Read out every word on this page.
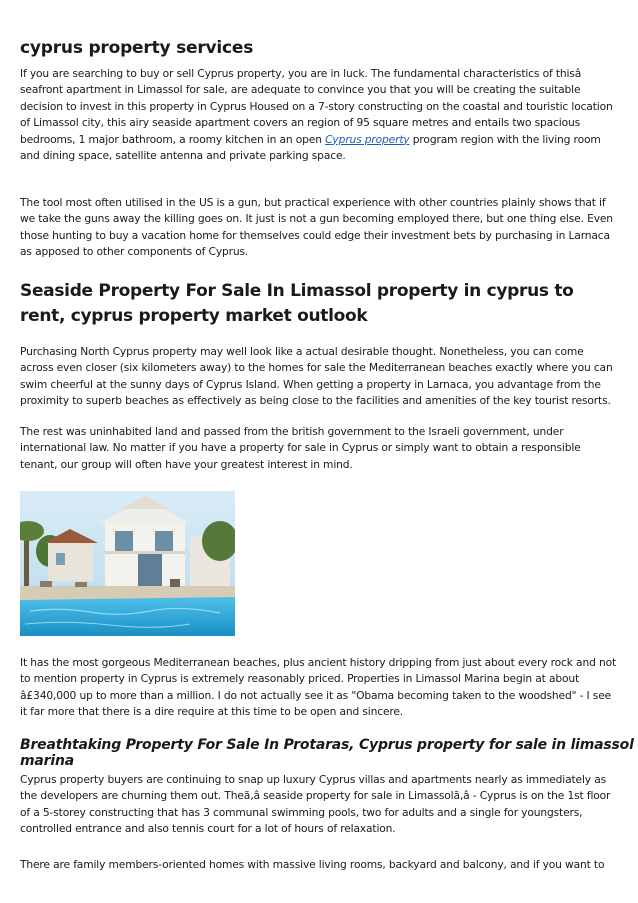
cyprus property services

If you are searching to buy or sell Cyprus property, you are in luck. The fundamental characteristics of thisâ seafront apartment in Limassol for sale, are adequate to convince you that you will be creating the suitable decision to invest in this property in Cyprus Housed on a 7-story constructing on the coastal and touristic location of Limassol city, this airy seaside apartment covers an region of 95 square metres and entails two spacious bedrooms, 1 major bathroom, a roomy kitchen in an open Cyprus property program region with the living room and dining space, satellite antenna and private parking space.

The tool most often utilised in the US is a gun, but practical experience with other countries plainly shows that if we take the guns away the killing goes on. It just is not a gun becoming employed there, but one thing else. Even those hunting to buy a vacation home for themselves could edge their investment bets by purchasing in Larnaca as apposed to other components of Cyprus.

Seaside Property For Sale In Limassol property in cyprus to rent, cyprus property market outlook

Purchasing North Cyprus property may well look like a actual desirable thought. Nonetheless, you can come across even closer (six kilometers away) to the homes for sale the Mediterranean beaches exactly where you can swim cheerful at the sunny days of Cyprus Island. When getting a property in Larnaca, you advantage from the proximity to superb beaches as effectively as being close to the facilities and amenities of the key tourist resorts.

The rest was uninhabited land and passed from the british government to the Israeli government, under international law. No matter if you have a property for sale in Cyprus or simply want to obtain a responsible tenant, our group will often have your greatest interest in mind.

It has the most gorgeous Mediterranean beaches, plus ancient history dripping from just about every rock and not to mention property in Cyprus is extremely reasonably priced. Properties in Limassol Marina begin at about â£340,000 up to more than a million. I do not actually see it as "Obama becoming taken to the woodshed" - I see it far more that there is a dire require at this time to be open and sincere.

Breathtaking Property For Sale In Protaras, Cyprus property for sale in limassol marina

Cyprus property buyers are continuing to snap up luxury Cyprus villas and apartments nearly as immediately as the developers are churning them out. Theã‚â seaside property for sale in Limassolã‚â - Cyprus is on the 1st floor of a 5-storey constructing that has 3 communal swimming pools, two for adults and a single for youngsters, controlled entrance and also tennis court for a lot of hours of relaxation.

There are family members-oriented homes with massive living rooms, backyard and balcony, and if you want to
